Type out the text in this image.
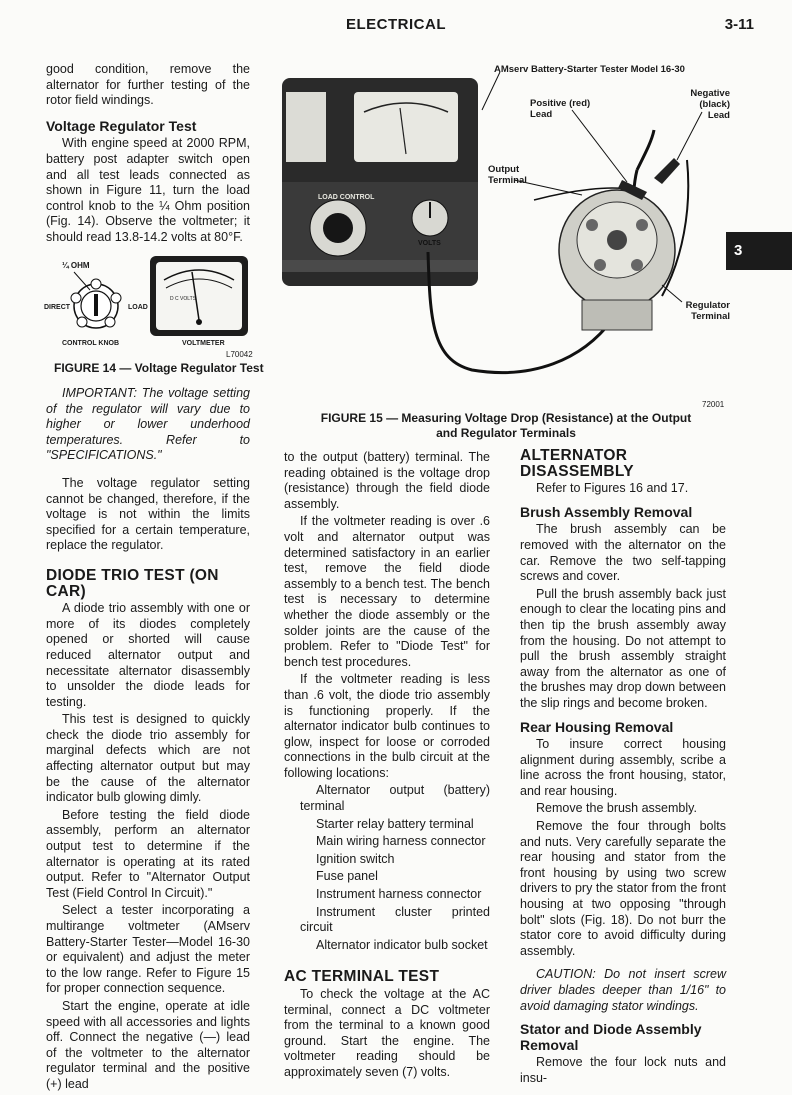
ELECTRICAL	3-11
3

good condition, remove the alternator for further testing of the rotor field windings.

Voltage Regulator Test

With engine speed at 2000 RPM, battery post adapter switch open and all test leads connected as shown in Figure 11, turn the load control knob to the ¼ Ohm position (Fig. 14). Observe the voltmeter; it should read 13.8-14.2 volts at 80°F.

¼ OHM
DIRECT	LOAD
CONTROL KNOB	VOLTMETER
D C VOLTS
L70042
FIGURE 14 — Voltage Regulator Test

IMPORTANT: The voltage setting of the regulator will vary due to higher or lower underhood temperatures. Refer to "SPECIFICATIONS."

The voltage regulator setting cannot be changed, therefore, if the voltage is not within the limits specified for a certain temperature, replace the regulator.

DIODE TRIO TEST (ON CAR)

A diode trio assembly with one or more of its diodes completely opened or shorted will cause reduced alternator output and necessitate alternator disassembly to unsolder the diode leads for testing.

This test is designed to quickly check the diode trio assembly for marginal defects which are not affecting alternator output but may be the cause of the alternator indicator bulb glowing dimly.

Before testing the field diode assembly, perform an alternator output test to determine if the alternator is operating at its rated output. Refer to "Alternator Output Test (Field Control In Circuit)."

Select a tester incorporating a multirange voltmeter (AMserv Battery-Starter Tester—Model 16-30 or equivalent) and adjust the meter to the low range. Refer to Figure 15 for proper connection sequence.

Start the engine, operate at idle speed with all accessories and lights off. Connect the negative (—) lead of the voltmeter to the alternator regulator terminal and the positive (+) lead

AMserv Battery-Starter Tester Model 16-30
Positive (red) Lead
Negative (black) Lead
Output Terminal
Regulator Terminal
LOAD CONTROL
VOLTS
72001
FIGURE 15 — Measuring Voltage Drop (Resistance) at the Output and Regulator Terminals

to the output (battery) terminal. The reading obtained is the voltage drop (resistance) through the field diode assembly.

If the voltmeter reading is over .6 volt and alternator output was determined satisfactory in an earlier test, remove the field diode assembly to a bench test. The bench test is necessary to determine whether the diode assembly or the solder joints are the cause of the problem. Refer to "Diode Test" for bench test procedures.

If the voltmeter reading is less than .6 volt, the diode trio assembly is functioning properly. If the alternator indicator bulb continues to glow, inspect for loose or corroded connections in the bulb circuit at the following locations:

Alternator output (battery) terminal

Starter relay battery terminal

Main wiring harness connector

Ignition switch

Fuse panel

Instrument harness connector

Instrument cluster printed circuit

Alternator indicator bulb socket

AC TERMINAL TEST

To check the voltage at the AC terminal, connect a DC voltmeter from the terminal to a known good ground. Start the engine. The voltmeter reading should be approximately seven (7) volts.

ALTERNATOR DISASSEMBLY

Refer to Figures 16 and 17.

Brush Assembly Removal

The brush assembly can be removed with the alternator on the car. Remove the two self-tapping screws and cover.

Pull the brush assembly back just enough to clear the locating pins and then tip the brush assembly away from the housing. Do not attempt to pull the brush assembly straight away from the alternator as one of the brushes may drop down between the slip rings and become broken.

Rear Housing Removal

To insure correct housing alignment during assembly, scribe a line across the front housing, stator, and rear housing.

Remove the brush assembly.

Remove the four through bolts and nuts. Very carefully separate the rear housing and stator from the front housing by using two screw drivers to pry the stator from the front housing at two opposing "through bolt" slots (Fig. 18). Do not burr the stator core to avoid difficulty during assembly.

CAUTION: Do not insert screw driver blades deeper than 1/16" to avoid damaging stator windings.

Stator and Diode Assembly Removal

Remove the four lock nuts and insu-
